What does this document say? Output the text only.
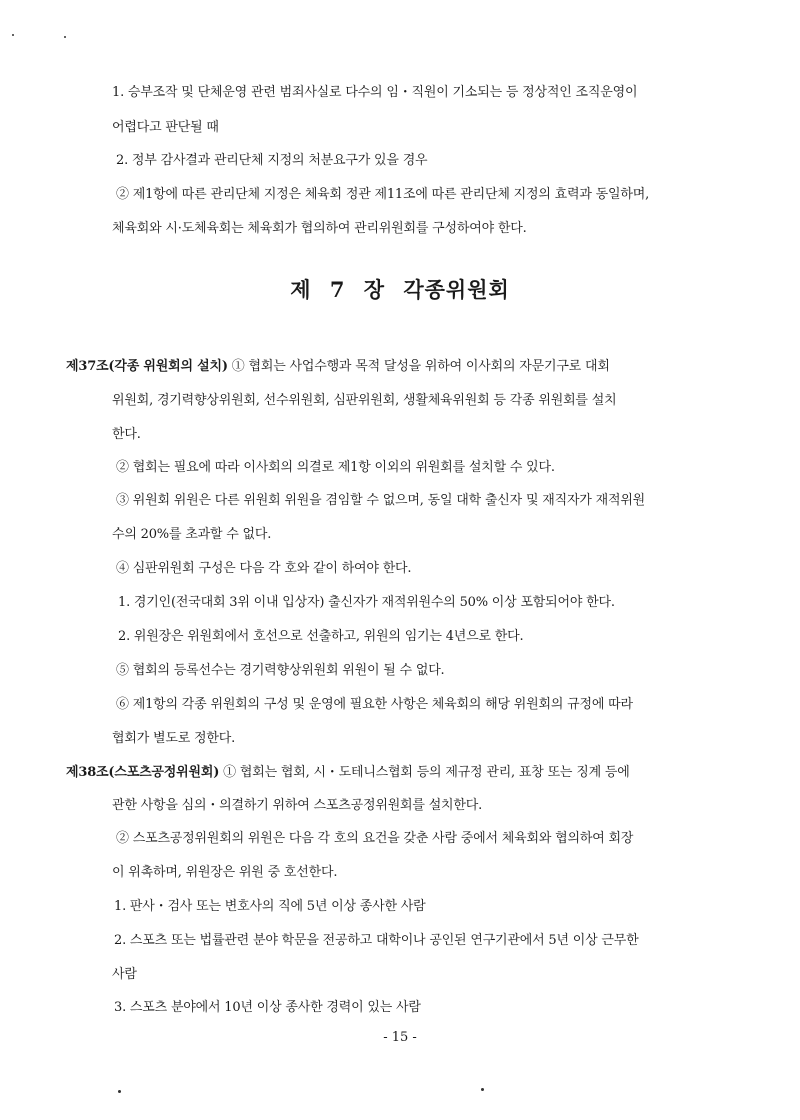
1. 승부조작 및 단체운영 관련 범죄사실로 다수의 임・직원이 기소되는 등 정상적인 조직운영이
어렵다고 판단될 때
2. 정부 감사결과 관리단체 지정의 처분요구가 있을 경우
② 제1항에 따른 관리단체 지정은 체육회 정관 제11조에 따른 관리단체 지정의 효력과 동일하며,
체육회와 시·도체육회는 체육회가 협의하여 관리위원회를 구성하여야 한다.
제 7 장 각종위원회
제37조(각종 위원회의 설치) ① 협회는 사업수행과 목적 달성을 위하여 이사회의 자문기구로 대회
위원회, 경기력향상위원회, 선수위원회, 심판위원회, 생활체육위원회 등 각종 위원회를 설치
한다.
② 협회는 필요에 따라 이사회의 의결로 제1항 이외의 위원회를 설치할 수 있다.
③ 위원회 위원은 다른 위원회 위원을 겸임할 수 없으며, 동일 대학 출신자 및 재직자가 재적위원
수의 20%를 초과할 수 없다.
④ 심판위원회 구성은 다음 각 호와 같이 하여야 한다.
1. 경기인(전국대회 3위 이내 입상자) 출신자가 재적위원수의 50% 이상 포함되어야 한다.
2. 위원장은 위원회에서 호선으로 선출하고, 위원의 임기는 4년으로 한다.
⑤ 협회의 등록선수는 경기력향상위원회 위원이 될 수 없다.
⑥ 제1항의 각종 위원회의 구성 및 운영에 필요한 사항은 체육회의 해당 위원회의 규정에 따라
협회가 별도로 정한다.
제38조(스포츠공정위원회) ① 협회는 협회, 시・도테니스협회 등의 제규정 관리, 표창 또는 징계 등에
관한 사항을 심의・의결하기 위하여 스포츠공정위원회를 설치한다.
② 스포츠공정위원회의 위원은 다음 각 호의 요건을 갖춘 사람 중에서 체육회와 협의하여 회장
이 위촉하며, 위원장은 위원 중 호선한다.
1. 판사・검사 또는 변호사의 직에 5년 이상 종사한 사람
2. 스포츠 또는 법률관련 분야 학문을 전공하고 대학이나 공인된 연구기관에서 5년 이상 근무한
사람
3. 스포츠 분야에서 10년 이상 종사한 경력이 있는 사람
- 15 -
